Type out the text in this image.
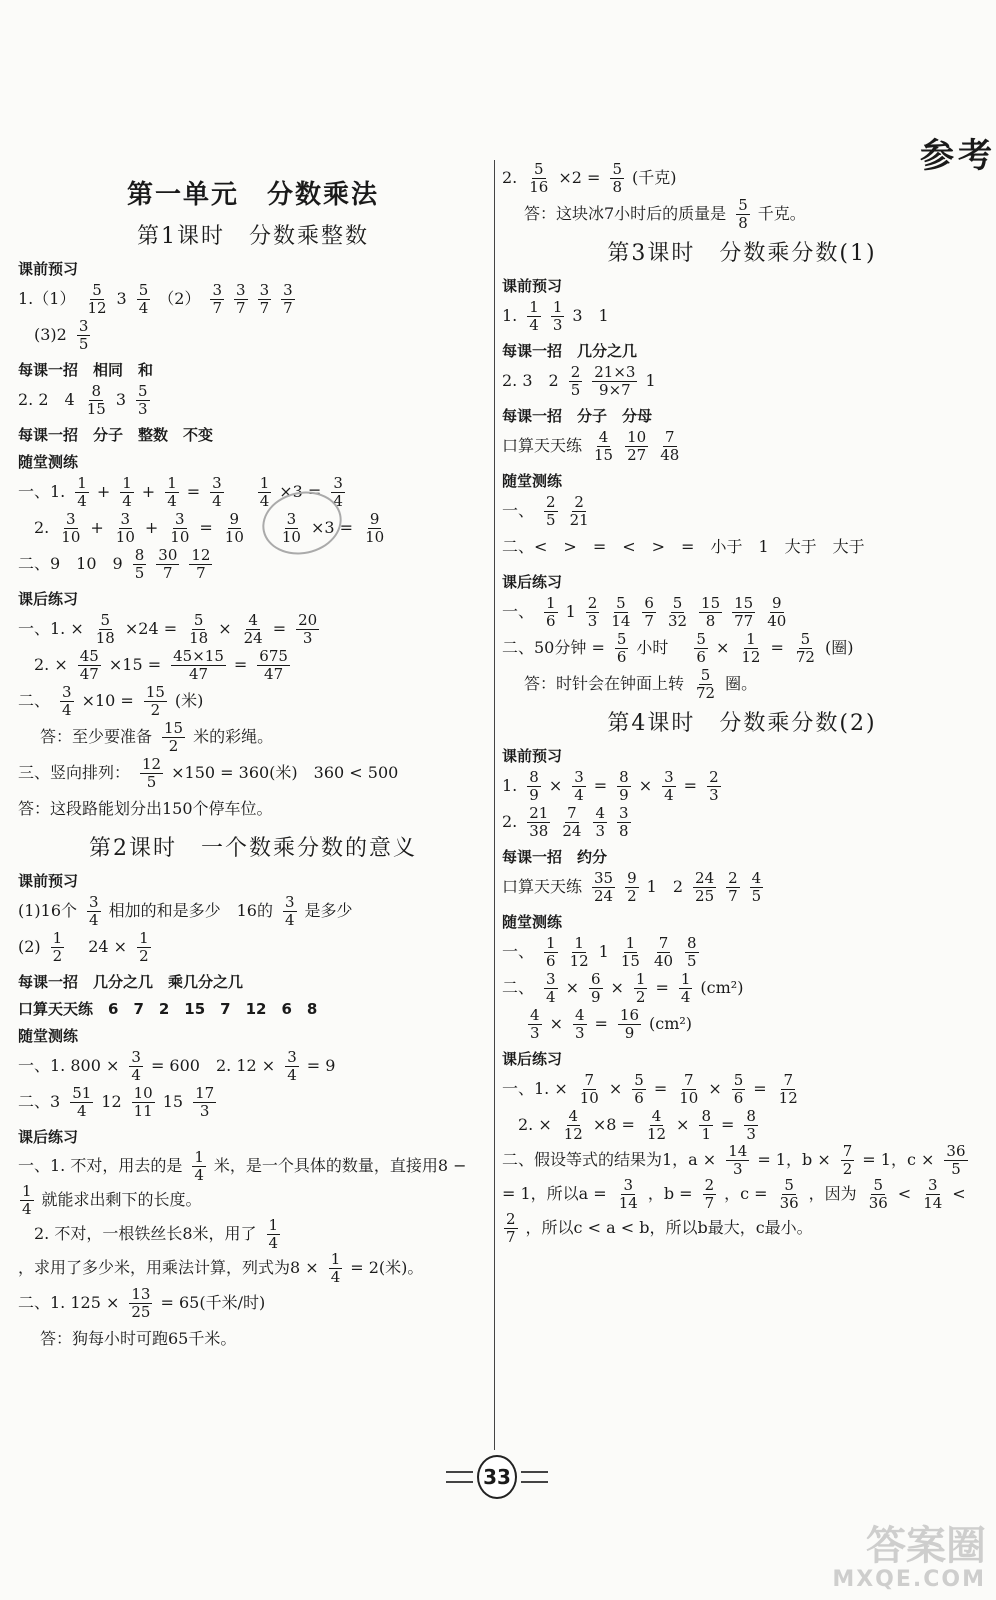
参考
第一单元　分数乘法
第1课时　分数乘整数
课前预习
$1.(1) \frac{5}{12} 3 \frac{5}{4} (2) \frac{3}{7} \frac{3}{7} \frac{3}{7} \frac{3}{7}$
　$(3)2 \frac{3}{5}$
每课一招　相同　和
2. 2　$4 \frac{8}{15} 3 \frac{5}{3}$
每课一招　分子　整数　不变
随堂测练
一、1. $\frac{1}{4} + \frac{1}{4} + \frac{1}{4} = \frac{3}{4}$
　 $\frac{1}{4} \times 3 = \frac{3}{4}$
　2. $\frac{3}{10} + \frac{3}{10} + \frac{3}{10} = \frac{9}{10}$
　 $\frac{3}{10} \times 3 = \frac{9}{10}$
二、9　10　$9 \frac{8}{5} \frac{30}{7} \frac{12}{7}$
课后练习
一、1. × $\frac{5}{18} \times 24 = \frac{5}{18} \times \frac{4}{24} = \frac{20}{3}$
　2. × $\frac{45}{47} \times 15 = \frac{45\times 15}{47} = \frac{675}{47}$
二、 $\frac{3}{4} \times 10 = \frac{15}{2}$ (米)
答：至少要准备 $\frac{15}{2}$ 米的彩绳。
三、竖向排列： $\frac{12}{5} \times 150 = 360$(米)　360 < 500
答：这段路能划分出150个停车位。
第2课时　一个数乘分数的意义
课前预习
(1)16个 $\frac{3}{4}$ 相加的和是多少　16的 $\frac{3}{4}$ 是多少
$(2) \frac{1}{2}$ 　$24 \times \frac{1}{2}$
每课一招　几分之几　乘几分之几
口算天天练　6　7　2　15　7　12　6　8
随堂测练
一、1. $800 \times \frac{3}{4} = 600$　2. $12 \times \frac{3}{4} = 9$
二、$3 \frac{51}{4} 12 \frac{10}{11} 15 \frac{17}{3}$
课后练习
一、1. 不对，用去的是 $\frac{1}{4}$ 米，是一个具体的数量，直接用8 −
$\frac{1}{4}$ 就能求出剩下的长度。
　2. 不对，一根铁丝长8米，用了 $\frac{1}{4}$
，求用了多少米，用乘法计算，列式为$8 \times \frac{1}{4} = 2$(米)。
二、1. $125 \times \frac{13}{25} = 65$(千米/时)
答：狗每小时可跑65千米。
2. $\frac{5}{16} \times 2 = \frac{5}{8}$ (千克)
答：这块冰7小时后的质量是 $\frac{5}{8}$ 千克。
第3课时　分数乘分数(1)
课前预习
1. $\frac{1}{4} \frac{1}{3} 3$　1
每课一招　几分之几
2. 3　$2 \frac{2}{5} \frac{21\times 3}{9\times 7} 1$
每课一招　分子　分母
口算天天练 $\frac{4}{15} \frac{10}{27} \frac{7}{48}$
随堂测练
一、 $\frac{2}{5} \frac{2}{21}$
二、<　>　=　<　>　=　小于　1　大于　大于
课后练习
一、 $\frac{1}{6} 1 \frac{2}{3} \frac{5}{14} \frac{6}{7} \frac{5}{32} \frac{15}{8} \frac{15}{77} \frac{9}{40}$
二、50分钟 = $\frac{5}{6}$ 小时　 $\frac{5}{6} \times \frac{1}{12} = \frac{5}{72}$ (圈)
答：时针会在钟面上转 $\frac{5}{72}$ 圈。
第4课时　分数乘分数(2)
课前预习
1. $\frac{8}{9} \times \frac{3}{4} = \frac{8}{9} \times \frac{3}{4} = \frac{2}{3}$
2. $\frac{21}{38} \frac{7}{24} \frac{4}{3} \frac{3}{8}$
每课一招　约分
口算天天练 $\frac{35}{24} \frac{9}{2} 1$　$2 \frac{24}{25} \frac{2}{7} \frac{4}{5}$
随堂测练
一、 $\frac{1}{6} \frac{1}{12} 1 \frac{1}{15} \frac{7}{40} \frac{8}{5}$
二、 $\frac{3}{4} \times \frac{6}{9} \times \frac{1}{2} = \frac{1}{4} (cm^2)$

$\frac{4}{3} \times \frac{4}{3} = \frac{16}{9} (cm^2)$
课后练习
一、1. × $\frac{7}{10} \times \frac{5}{6} = \frac{7}{10} \times \frac{5}{6} = \frac{7}{12}$
　2. × $\frac{4}{12} \times 8 = \frac{4}{12} \times \frac{8}{1} = \frac{8}{3}$
二、假设等式的结果为1，$a \times \frac{14}{3} = 1$，$b \times \frac{7}{2} = 1$，$c \times \frac{36}{5}$
= 1，所以$a = \frac{3}{14}$ ，$b = \frac{2}{7}$ ，$c = \frac{5}{36}$ ，因为 $\frac{5}{36} < \frac{3}{14}$ <
$\frac{2}{7}$ ，所以c < a < b，所以b最大，c最小。
33
答案圈
MXQE.COM
